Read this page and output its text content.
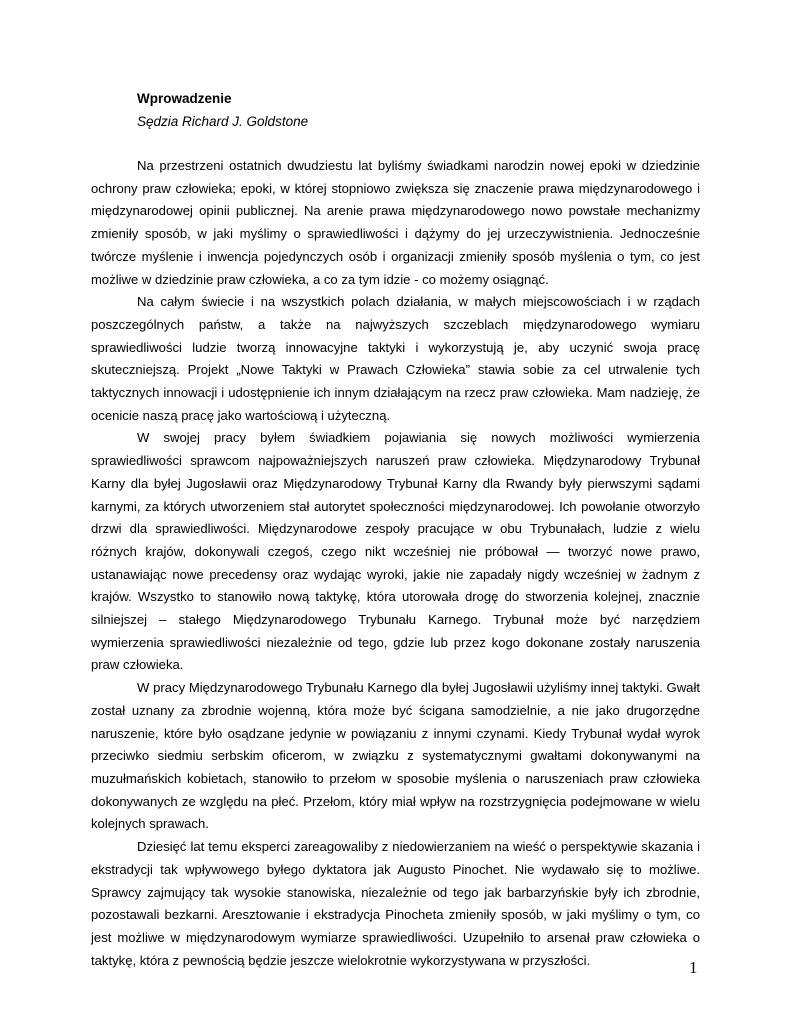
Wprowadzenie
Sędzia Richard J. Goldstone

Na przestrzeni ostatnich dwudziestu lat byliśmy świadkami narodzin nowej epoki w dziedzinie ochrony praw człowieka; epoki, w której stopniowo zwiększa się znaczenie prawa międzynarodowego i międzynarodowej opinii publicznej. Na arenie prawa międzynarodowego nowo powstałe mechanizmy zmieniły sposób, w jaki myślimy o sprawiedliwości i dążymy do jej urzeczywistnienia. Jednocześnie twórcze myślenie i inwencja pojedynczych osób i organizacji zmieniły sposób myślenia o tym, co jest możliwe w dziedzinie praw człowieka, a co za tym idzie - co możemy osiągnąć.

Na całym świecie i na wszystkich polach działania, w małych miejscowościach i w rządach poszczególnych państw, a także na najwyższych szczeblach międzynarodowego wymiaru sprawiedliwości ludzie tworzą innowacyjne taktyki i wykorzystują je, aby uczynić swoja pracę skuteczniejszą. Projekt „Nowe Taktyki w Prawach Człowieka” stawia sobie za cel utrwalenie tych taktycznych innowacji i udostępnienie ich innym działającym na rzecz praw człowieka. Mam nadzieję, że ocenicie naszą pracę jako wartościową i użyteczną.

W swojej pracy byłem świadkiem pojawiania się nowych możliwości wymierzenia sprawiedliwości sprawcom najpoważniejszych naruszeń praw człowieka. Międzynarodowy Trybunał Karny dla byłej Jugosławii oraz Międzynarodowy Trybunał Karny dla Rwandy były pierwszymi sądami karnymi, za których utworzeniem stał autorytet społeczności międzynarodowej. Ich powołanie otworzyło drzwi dla sprawiedliwości. Międzynarodowe zespoły pracujące w obu Trybunałach, ludzie z wielu różnych krajów, dokonywali czegoś, czego nikt wcześniej nie próbował — tworzyć nowe prawo, ustanawiając nowe precedensy oraz wydając wyroki, jakie nie zapadały nigdy wcześniej w żadnym z krajów. Wszystko to stanowiło nową taktykę, która utorowała drogę do stworzenia kolejnej, znacznie silniejszej – stałego Międzynarodowego Trybunału Karnego. Trybunał może być narzędziem wymierzenia sprawiedliwości niezależnie od tego, gdzie lub przez kogo dokonane zostały naruszenia praw człowieka.

W pracy Międzynarodowego Trybunału Karnego dla byłej Jugosławii użyliśmy innej taktyki. Gwałt został uznany za zbrodnie wojenną, która może być ścigana samodzielnie, a nie jako drugorzędne naruszenie, które było osądzane jedynie w powiązaniu z innymi czynami. Kiedy Trybunał wydał wyrok przeciwko siedmiu serbskim oficerom, w związku z systematycznymi gwałtami dokonywanymi na muzułmańskich kobietach, stanowiło to przełom w sposobie myślenia o naruszeniach praw człowieka dokonywanych ze względu na płeć. Przełom, który miał wpływ na rozstrzygnięcia podejmowane w wielu kolejnych sprawach.

Dziesięć lat temu eksperci zareagowaliby z niedowierzaniem na wieść o perspektywie skazania i ekstradycji tak wpływowego byłego dyktatora jak Augusto Pinochet. Nie wydawało się to możliwe. Sprawcy zajmujący tak wysokie stanowiska, niezależnie od tego jak barbarzyńskie były ich zbrodnie, pozostawali bezkarni. Aresztowanie i ekstradycja Pinocheta zmieniły sposób, w jaki myślimy o tym, co jest możliwe w międzynarodowym wymiarze sprawiedliwości. Uzupełniło to arsenał praw człowieka o taktykę, która z pewnością będzie jeszcze wielokrotnie wykorzystywana w przyszłości.	1
